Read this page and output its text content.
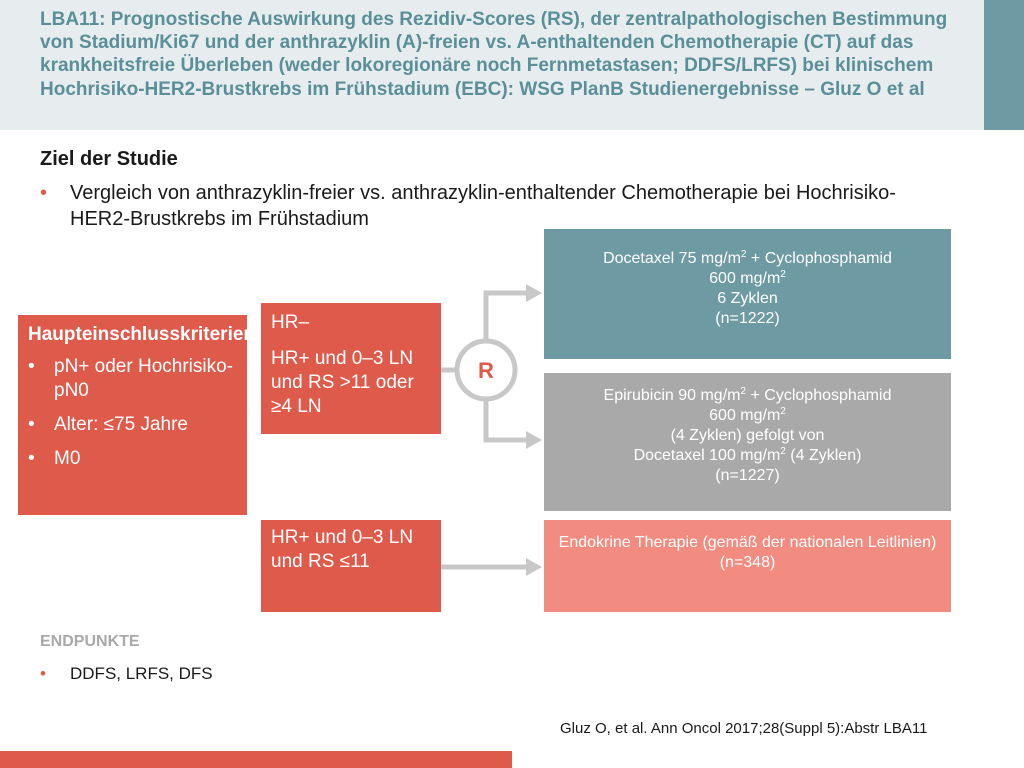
LBA11: Prognostische Auswirkung des Rezidiv-Scores (RS), der zentralpathologischen Bestimmung von Stadium/Ki67 und der anthrazyklin (A)-freien vs. A-enthaltenden Chemotherapie (CT) auf das krankheitsfreie Überleben (weder lokoregionäre noch Fernmetastasen; DDFS/LRFS) bei klinischem Hochrisiko-HER2-Brustkrebs im Frühstadium (EBC): WSG PlanB Studienergebnisse – Gluz O et al
Ziel der Studie
•	Vergleich von anthrazyklin-freier vs. anthrazyklin-enthaltender Chemotherapie bei Hochrisiko-HER2-Brustkrebs im Frühstadium
R
Haupteinschlusskriterien
• pN+ oder Hochrisiko-pN0
• Alter: ≤75 Jahre
• M0
HR–
HR+ und 0–3 LN und RS >11 oder ≥4 LN
HR+ und 0–3 LN und RS ≤11
Docetaxel 75 $mg/m^2$ + Cyclophosphamid
600 $mg/m^2$
6 Zyklen
(n=1222)
Epirubicin 90 $mg/m^2$ + Cyclophosphamid
600 $mg/m^2$
(4 Zyklen) gefolgt von
Docetaxel 100 $mg/m^2$ (4 Zyklen)
(n=1227)
Endokrine Therapie (gemäß der nationalen Leitlinien)
(n=348)
ENDPUNKTE
• DDFS, LRFS, DFS
Gluz O, et al. Ann Oncol 2017;28(Suppl 5):Abstr LBA11
